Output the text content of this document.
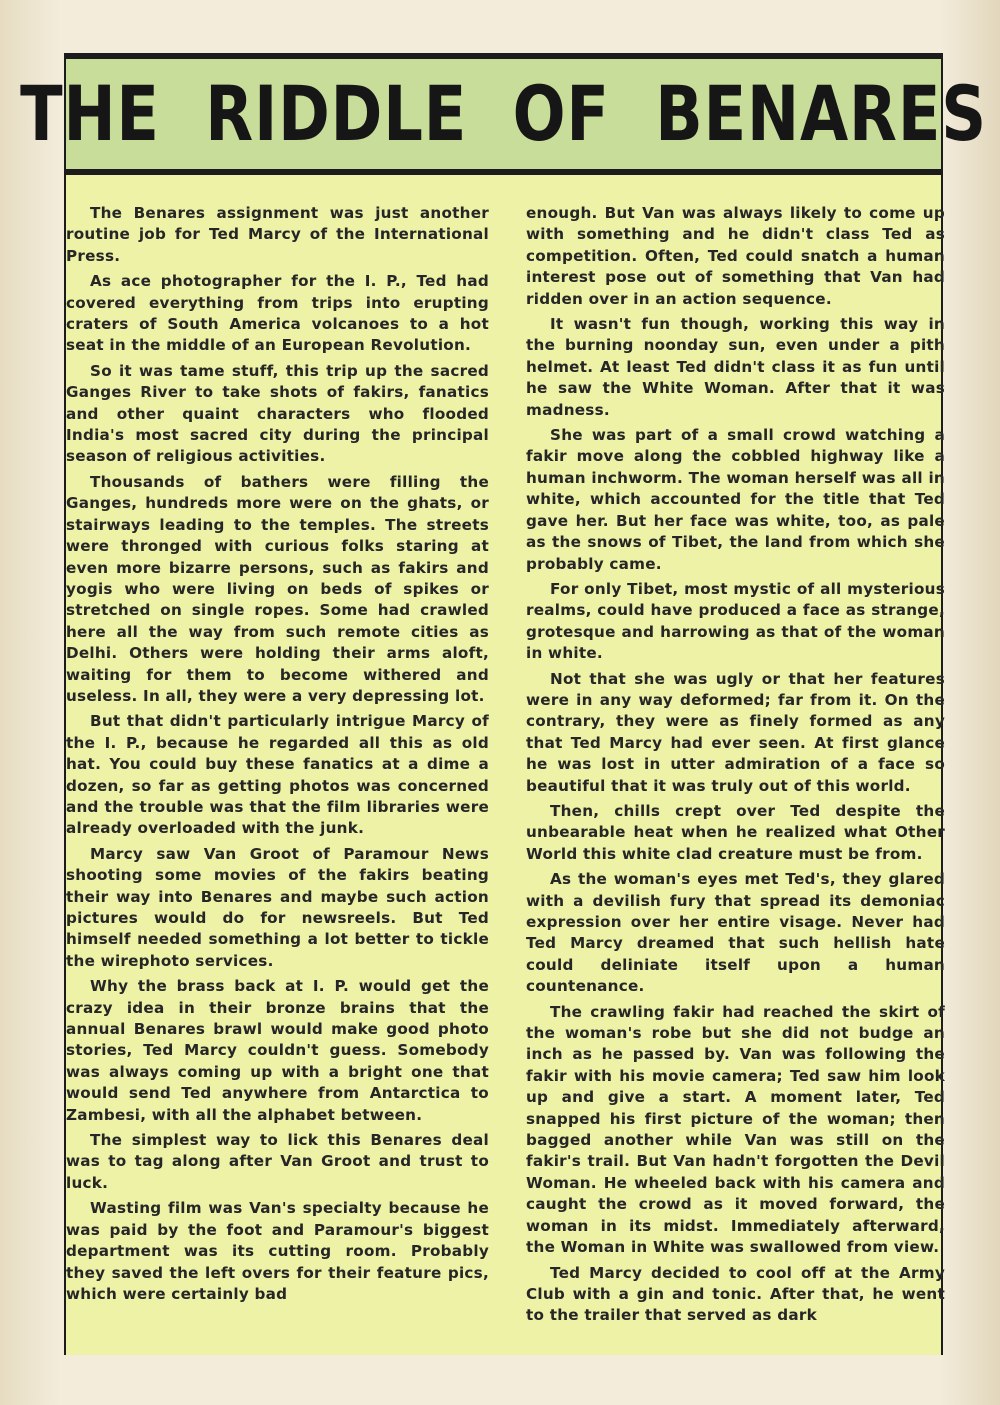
THE RIDDLE OF BENARES

The Benares assignment was just another routine job for Ted Marcy of the International Press.

As ace photographer for the I. P., Ted had covered everything from trips into erupting craters of South America volcanoes to a hot seat in the middle of an European Revolution.

So it was tame stuff, this trip up the sacred Ganges River to take shots of fakirs, fanatics and other quaint characters who flooded India's most sacred city during the principal season of religious activities.

Thousands of bathers were filling the Ganges, hundreds more were on the ghats, or stairways leading to the temples. The streets were thronged with curious folks staring at even more bizarre persons, such as fakirs and yogis who were living on beds of spikes or stretched on single ropes. Some had crawled here all the way from such remote cities as Delhi. Others were holding their arms aloft, waiting for them to become withered and useless. In all, they were a very depressing lot.

But that didn't particularly intrigue Marcy of the I. P., because he regarded all this as old hat. You could buy these fanatics at a dime a dozen, so far as getting photos was concerned and the trouble was that the film libraries were already overloaded with the junk.

Marcy saw Van Groot of Paramour News shooting some movies of the fakirs beating their way into Benares and maybe such action pictures would do for newsreels. But Ted himself needed something a lot better to tickle the wirephoto services.

Why the brass back at I. P. would get the crazy idea in their bronze brains that the annual Benares brawl would make good photo stories, Ted Marcy couldn't guess. Somebody was always coming up with a bright one that would send Ted anywhere from Antarctica to Zambesi, with all the alphabet between.

The simplest way to lick this Benares deal was to tag along after Van Groot and trust to luck.

Wasting film was Van's specialty because he was paid by the foot and Paramour's biggest department was its cutting room. Probably they saved the left overs for their feature pics, which were certainly bad

enough. But Van was always likely to come up with something and he didn't class Ted as competition. Often, Ted could snatch a human interest pose out of something that Van had ridden over in an action sequence.

It wasn't fun though, working this way in the burning noonday sun, even under a pith helmet. At least Ted didn't class it as fun until he saw the White Woman. After that it was madness.

She was part of a small crowd watching a fakir move along the cobbled highway like a human inchworm. The woman herself was all in white, which accounted for the title that Ted gave her. But her face was white, too, as pale as the snows of Tibet, the land from which she probably came.

For only Tibet, most mystic of all mysterious realms, could have produced a face as strange, grotesque and harrowing as that of the woman in white.

Not that she was ugly or that her features were in any way deformed; far from it. On the contrary, they were as finely formed as any that Ted Marcy had ever seen. At first glance he was lost in utter admiration of a face so beautiful that it was truly out of this world.

Then, chills crept over Ted despite the unbearable heat when he realized what Other World this white clad creature must be from.

As the woman's eyes met Ted's, they glared with a devilish fury that spread its demoniac expression over her entire visage. Never had Ted Marcy dreamed that such hellish hate could deliniate itself upon a human countenance.

The crawling fakir had reached the skirt of the woman's robe but she did not budge an inch as he passed by. Van was following the fakir with his movie camera; Ted saw him look up and give a start. A moment later, Ted snapped his first picture of the woman; then bagged another while Van was still on the fakir's trail. But Van hadn't forgotten the Devil Woman. He wheeled back with his camera and caught the crowd as it moved forward, the woman in its midst. Immediately afterward, the Woman in White was swallowed from view.

Ted Marcy decided to cool off at the Army Club with a gin and tonic. After that, he went to the trailer that served as dark
